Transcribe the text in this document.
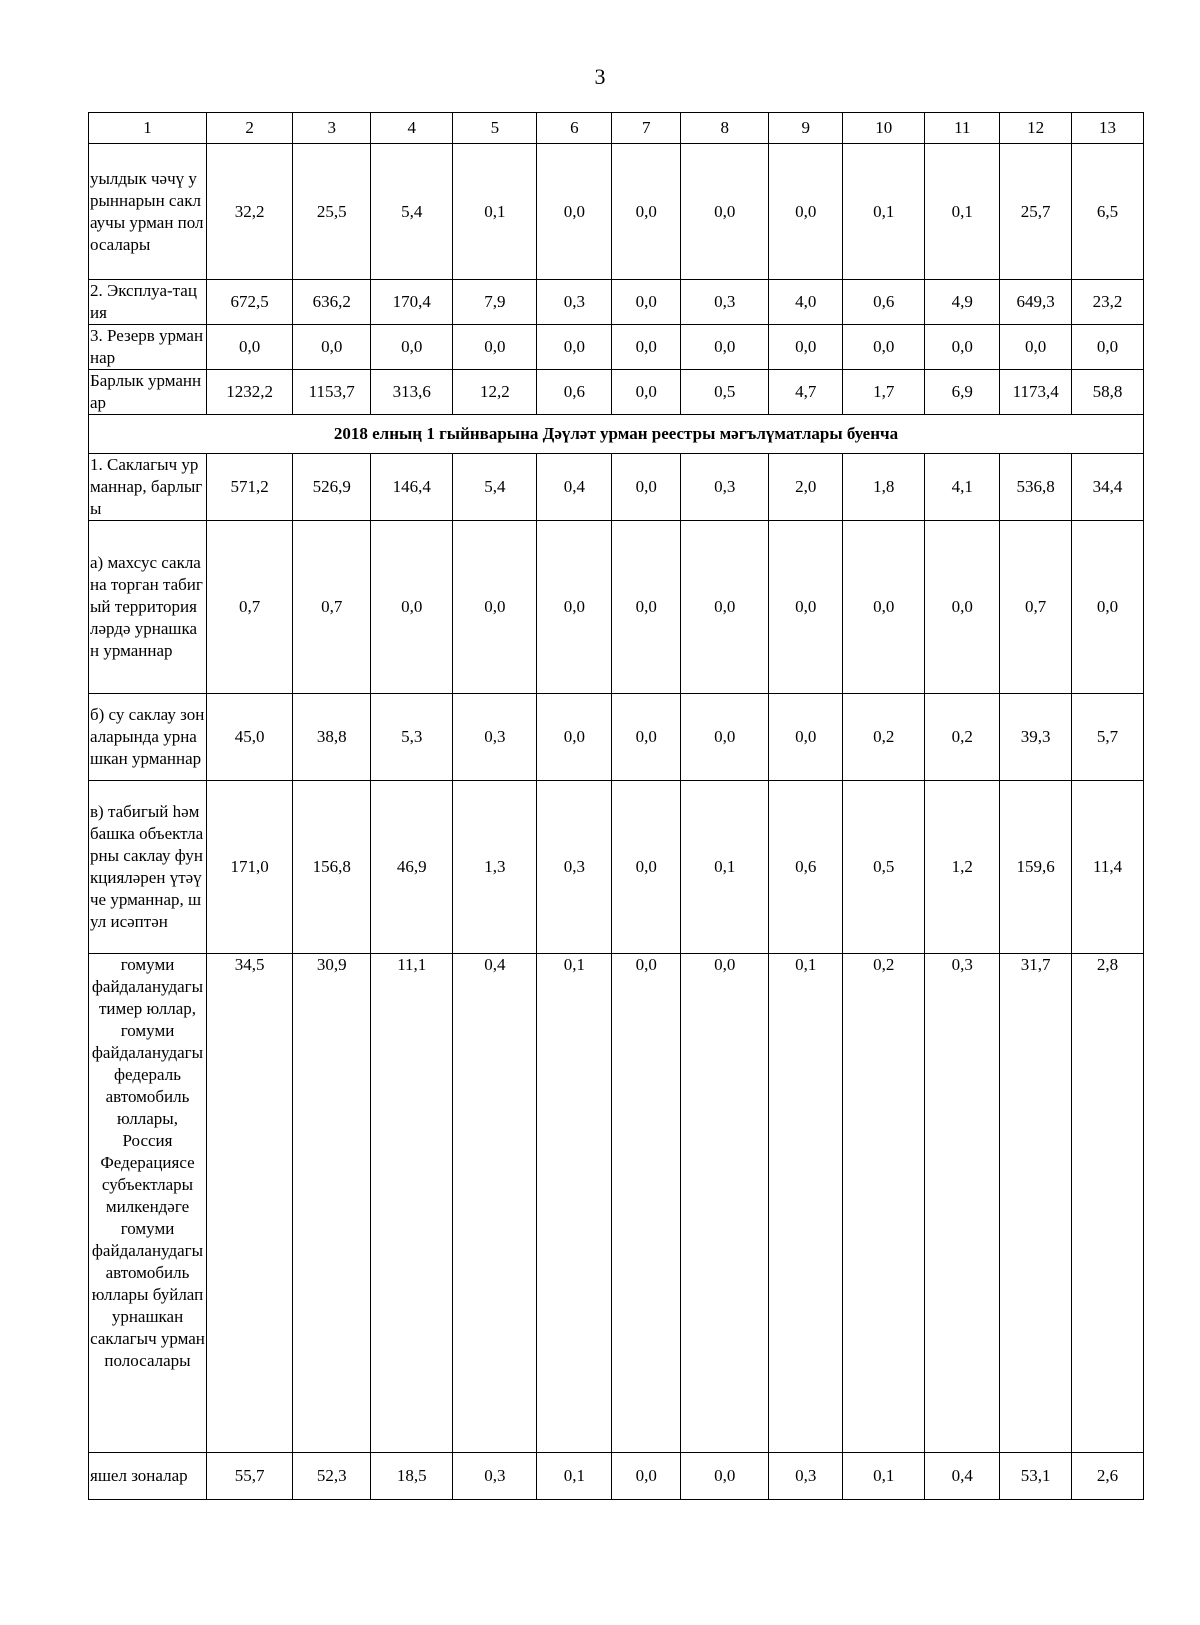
3
1	2	3	4	5	6	7	8	9	10	11	12	13
уылдык чәчү урыннарын саклаучы урман полосалары	32,2	25,5	5,4	0,1	0,0	0,0	0,0	0,0	0,1	0,1	25,7	6,5
2. Эксплуа-тация	672,5	636,2	170,4	7,9	0,3	0,0	0,3	4,0	0,6	4,9	649,3	23,2
3. Резерв урманнар	0,0	0,0	0,0	0,0	0,0	0,0	0,0	0,0	0,0	0,0	0,0	0,0
Барлык урманнар	1232,2	1153,7	313,6	12,2	0,6	0,0	0,5	4,7	1,7	6,9	1173,4	58,8
2018 елның 1 гыйнварына Дәүләт урман реестры мәгълүматлары буенча												
1. Саклагыч урманнар, барлыгы	571,2	526,9	146,4	5,4	0,4	0,0	0,3	2,0	1,8	4,1	536,8	34,4
а) махсус саклана торган табигый территорияләрдә урнашкан урманнар	0,7	0,7	0,0	0,0	0,0	0,0	0,0	0,0	0,0	0,0	0,7	0,0
б) су саклау зоналарында урнашкан урманнар	45,0	38,8	5,3	0,3	0,0	0,0	0,0	0,0	0,2	0,2	39,3	5,7
в) табигый һәм башка объектларны саклау функцияләрен үтәүче урманнар, шул исәптән	171,0	156,8	46,9	1,3	0,3	0,0	0,1	0,6	0,5	1,2	159,6	11,4
гомуми файдаланудагы тимер юллар, гомуми файдаланудагы федераль автомобиль юллары, Россия Федерациясе субъектлары милкендәге гомуми файдаланудагы автомобиль юллары буйлап урнашкан саклагыч урман полосалары	34,5	30,9	11,1	0,4	0,1	0,0	0,0	0,1	0,2	0,3	31,7	2,8
яшел зоналар	55,7	52,3	18,5	0,3	0,1	0,0	0,0	0,3	0,1	0,4	53,1	2,6
